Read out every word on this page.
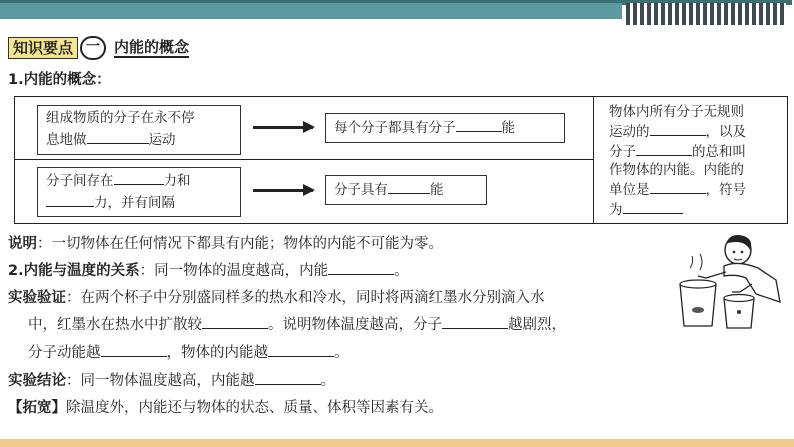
知识要点 一 内能的概念
1.内能的概念：
组成物质的分子在永不停
息地做	运动
每个分子都具有分子	能
分子间存在	力和
力，并有间隔
分子具有	能
物体内所有分子无规则
运动的	，以及
分子	的总和叫
作物体的内能。内能的
单位是	，符号
为
说明：一切物体在任何情况下都具有内能；物体的内能不可能为零。
2.内能与温度的关系：同一物体的温度越高，内能	。
实验验证：在两个杯子中分别盛同样多的热水和冷水，同时将两滴红墨水分别滴入水
中，红墨水在热水中扩散较	。说明物体温度越高，分子	越剧烈，
分子动能越	，物体的内能越	。
实验结论：同一物体温度越高，内能越	。
【拓宽】除温度外，内能还与物体的状态、质量、体积等因素有关。
